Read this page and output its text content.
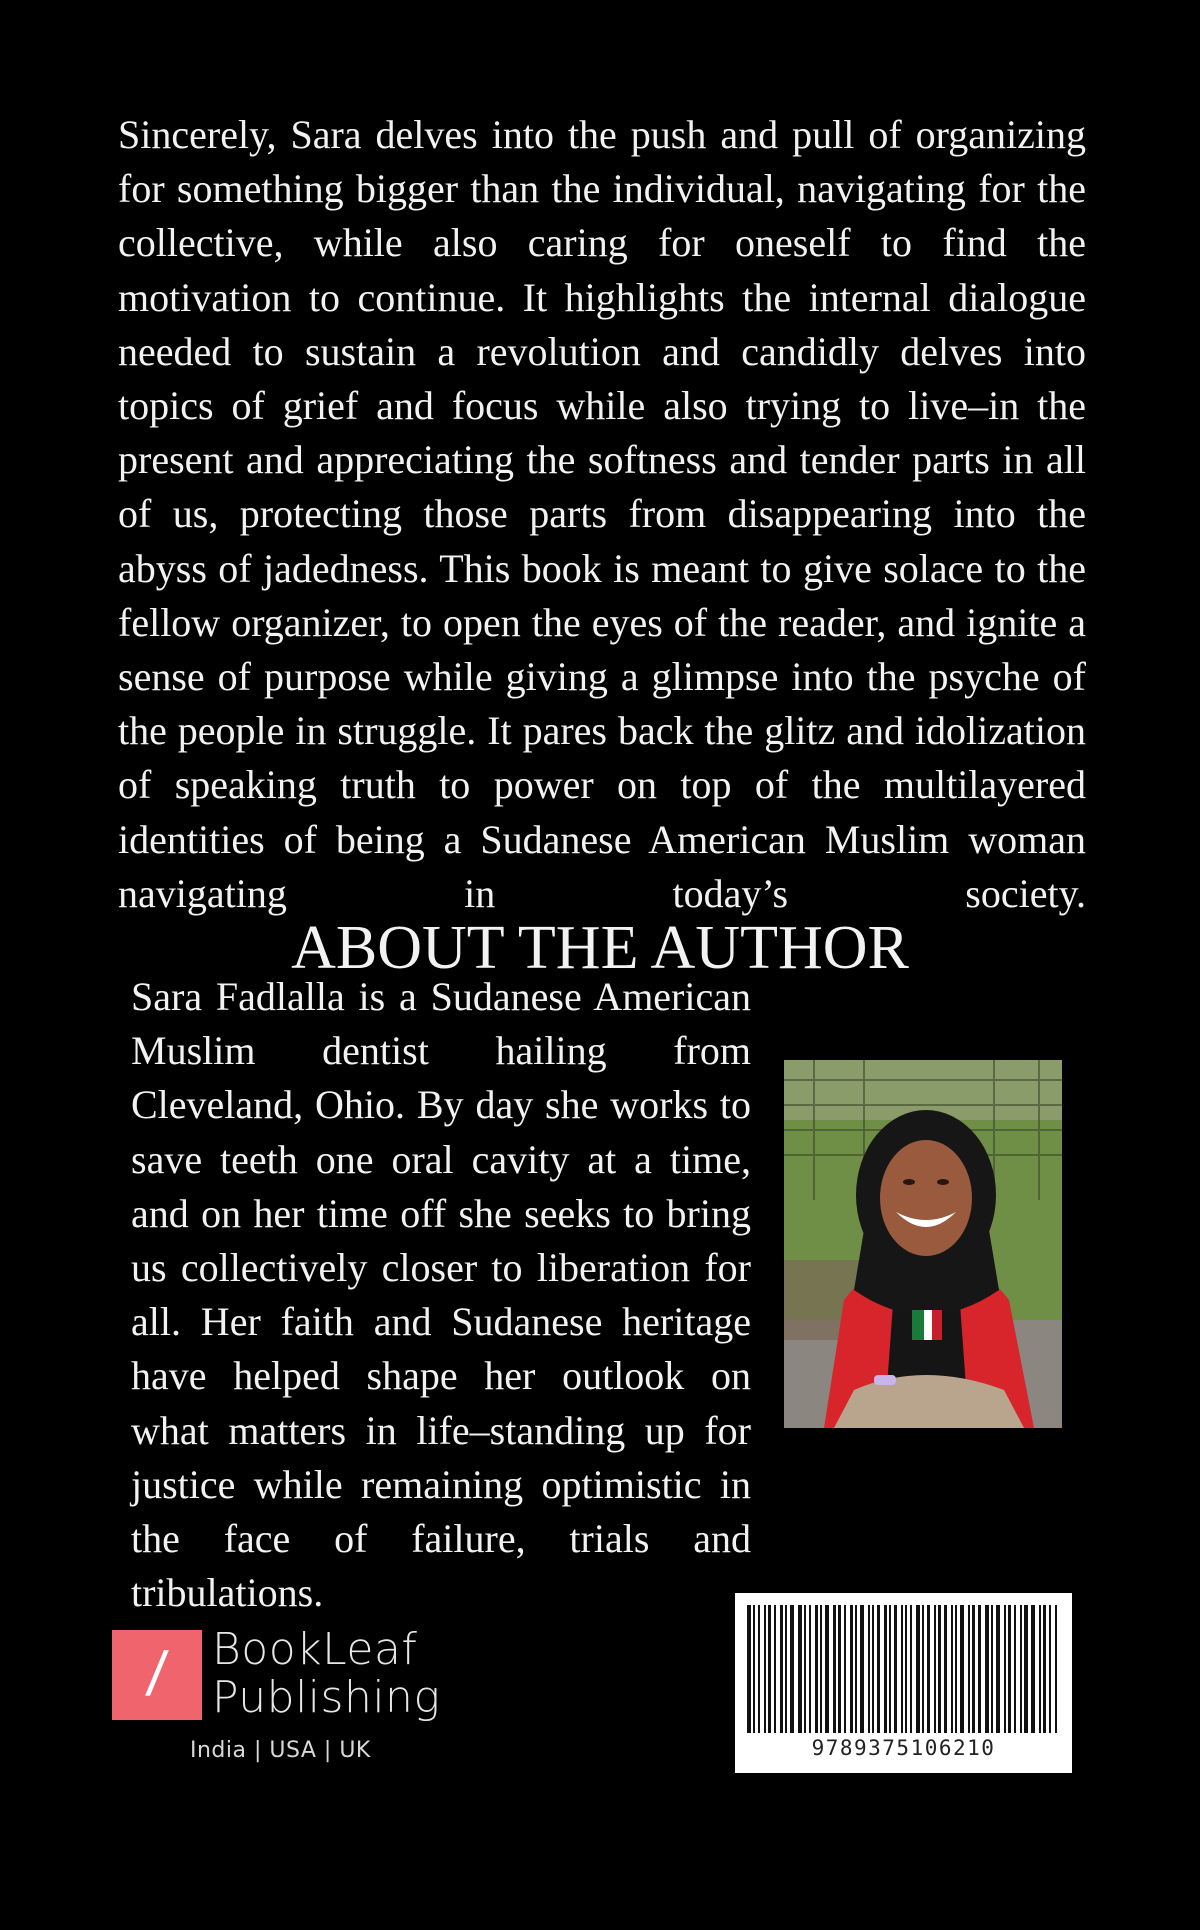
Sincerely, Sara delves into the push and pull of organizing for something bigger than the individual, navigating for the collective, while also caring for oneself to find the motivation to continue. It highlights the internal dialogue needed to sustain a revolution and candidly delves into topics of grief and focus while also trying to live–in the present and appreciating the softness and tender parts in all of us, protecting those parts from disappearing into the abyss of jadedness. This book is meant to give solace to the fellow organizer, to open the eyes of the reader, and ignite a sense of purpose while giving a glimpse into the psyche of the people in struggle. It pares back the glitz and idolization of speaking truth to power on top of the multilayered identities of being a Sudanese American Muslim woman navigating in today’s society.

ABOUT THE AUTHOR

Sara Fadlalla is a Sudanese American Muslim dentist hailing from Cleveland, Ohio. By day she works to save teeth one oral cavity at a time, and on her time off she seeks to bring us collectively closer to liberation for all. Her faith and Sudanese heritage have helped shape her outlook on what matters in life–standing up for justice while remaining optimistic in the face of failure, trials and tribulations.

/ BookLeaf
Publishing
India | USA | UK	9789375106210
